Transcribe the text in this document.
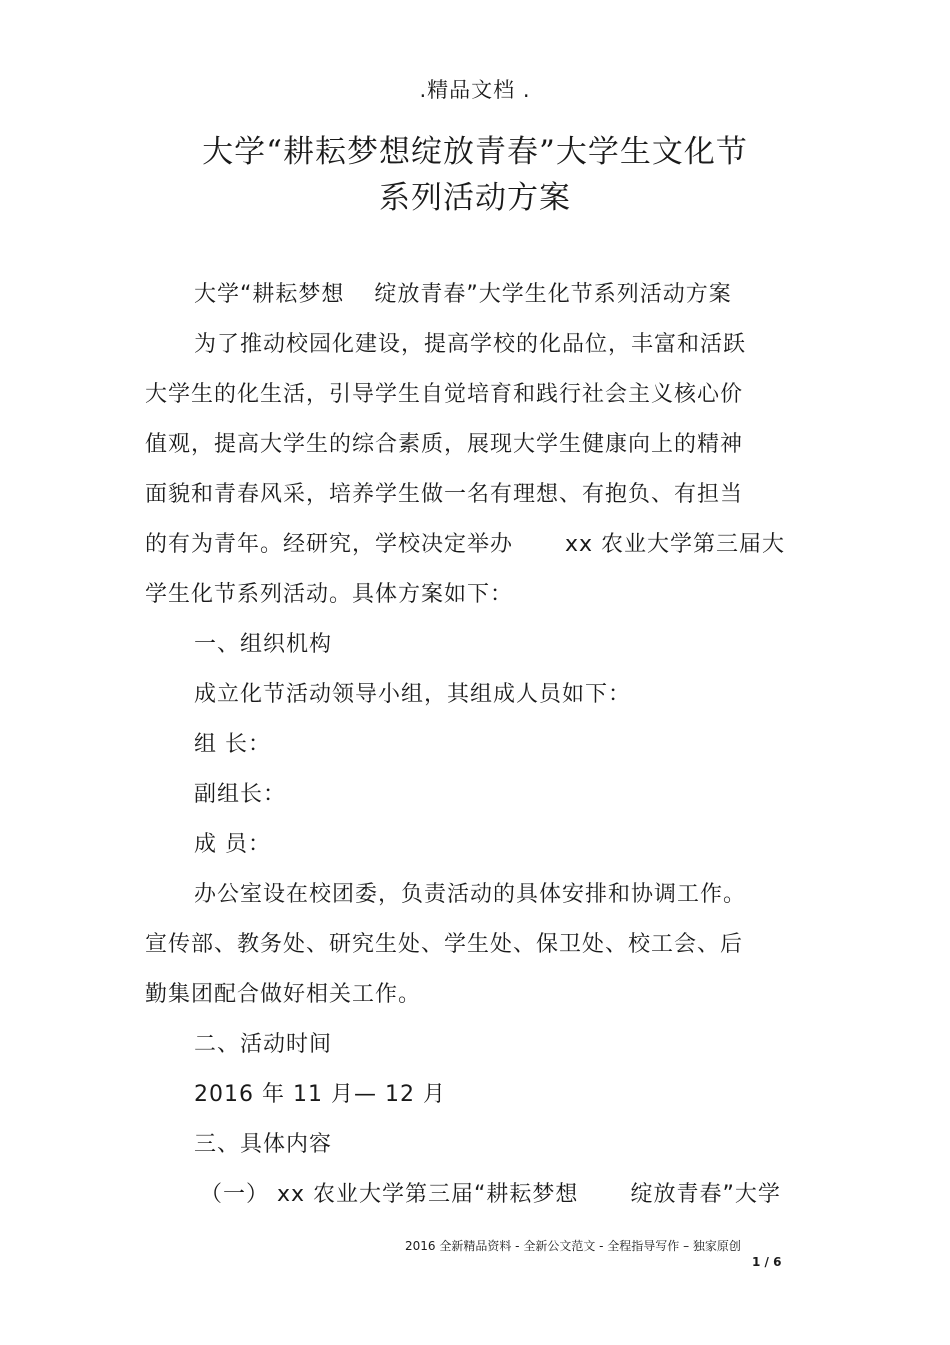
.精品文档 .
大学“耕耘梦想绽放青春”大学生文化节
系列活动方案
大学“耕耘梦想 绽放青春”大学生化节系列活动方案
为了推动校园化建设，提高学校的化品位，丰富和活跃
大学生的化生活，引导学生自觉培育和践行社会主义核心价
值观，提高大学生的综合素质，展现大学生健康向上的精神
面貌和青春风采，培养学生做一名有理想、有抱负、有担当
的有为青年。经研究，学校决定举办 xx 农业大学第三届大
学生化节系列活动。具体方案如下：
一、组织机构
成立化节活动领导小组，其组成人员如下：
组 长：
副组长：
成 员：
办公室设在校团委，负责活动的具体安排和协调工作。
宣传部、教务处、研究生处、学生处、保卫处、校工会、后
勤集团配合做好相关工作。
二、活动时间
2016 年 11 月— 12 月
三、具体内容
（一） xx 农业大学第三届“耕耘梦想 绽放青春”大学
2016 全新精品资料 - 全新公文范文 - 全程指导写作 – 独家原创
1 / 6
